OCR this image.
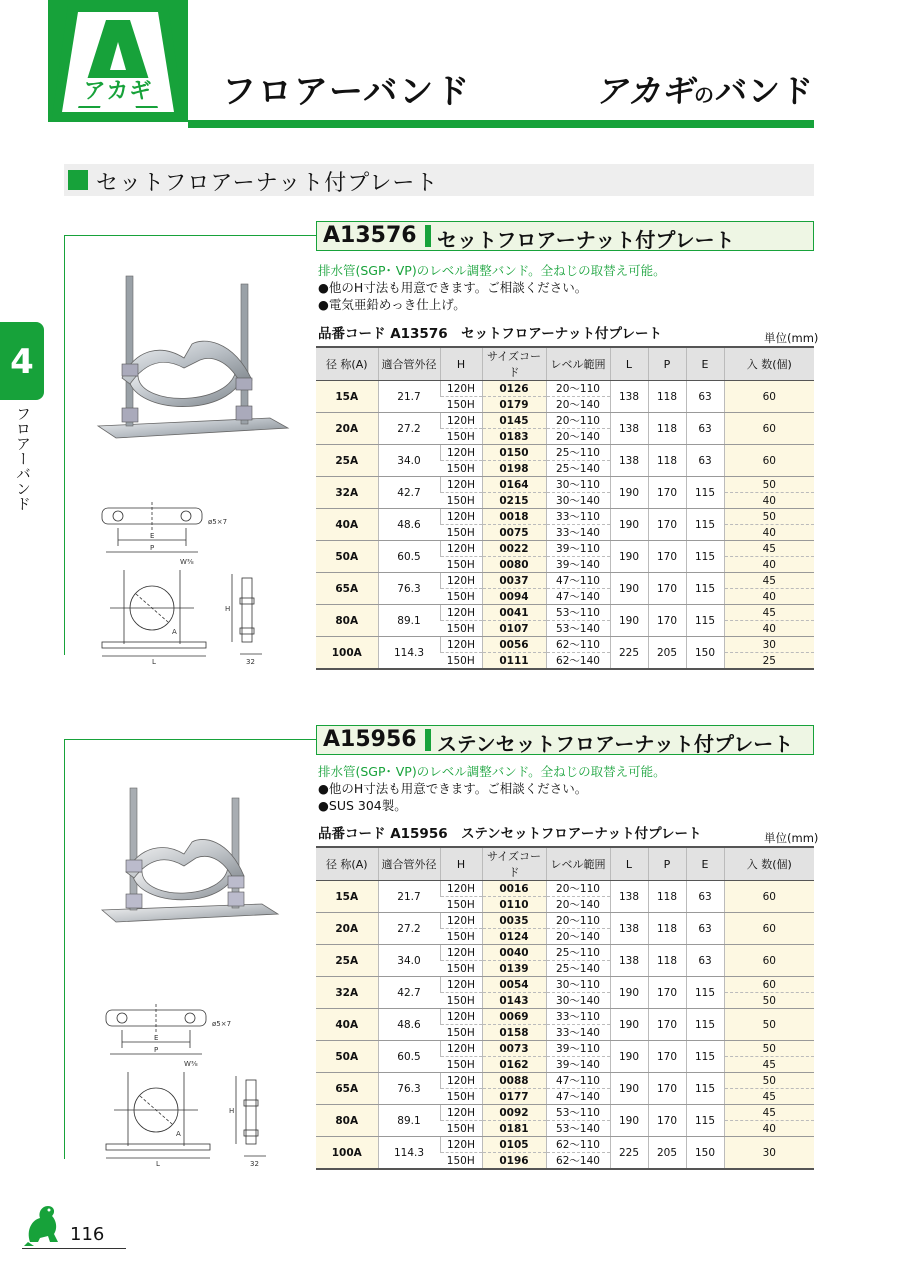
アカギ	フロアーバンド	アカギのバンド
セットフロアーナット付プレート
4
フロアーバンド
A13576 セットフロアーナット付プレート
排水管(SGP･ VP)のレベル調整バンド。全ねじの取替え可能。
●他のH寸法も用意できます。ご相談ください。
●電気亜鉛めっき仕上げ。
品番コード A13576　セットフロアーナット付プレート	単位(mm)
径 称(A)	適合管外径	H	サイズコード	レベル範囲	L	P	E	入 数(個)
15A	21.7	120H	0126	20～110	138	118	63	60
		150H	0179	20～140				
20A	27.2	120H	0145	20～110	138	118	63	60
		150H	0183	20～140				
25A	34.0	120H	0150	25～110	138	118	63	60
		150H	0198	25～140				
32A	42.7	120H	0164	30～110	190	170	115	50
		150H	0215	30～140				40
40A	48.6	120H	0018	33～110	190	170	115	50
		150H	0075	33～140				40
50A	60.5	120H	0022	39～110	190	170	115	45
		150H	0080	39～140				40
65A	76.3	120H	0037	47～110	190	170	115	45
		150H	0094	47～140				40
80A	89.1	120H	0041	53～110	190	170	115	45
		150H	0107	53～140				40
100A	114.3	120H	0056	62～110	225	205	150	30
		150H	0111	62～140				25
ø5×7
E
P
W⅜
A
H
L	32
A15956 ステンセットフロアーナット付プレート
排水管(SGP･ VP)のレベル調整バンド。全ねじの取替え可能。
●他のH寸法も用意できます。ご相談ください。
●SUS 304製。
品番コード A15956　ステンセットフロアーナット付プレート	単位(mm)
径 称(A)	適合管外径	H	サイズコード	レベル範囲	L	P	E	入 数(個)
15A	21.7	120H	0016	20～110	138	118	63	60
		150H	0110	20～140				
20A	27.2	120H	0035	20～110	138	118	63	60
		150H	0124	20～140				
25A	34.0	120H	0040	25～110	138	118	63	60
		150H	0139	25～140				
32A	42.7	120H	0054	30～110	190	170	115	60
		150H	0143	30～140				50
40A	48.6	120H	0069	33～110	190	170	115	50
		150H	0158	33～140				
50A	60.5	120H	0073	39～110	190	170	115	50
		150H	0162	39～140				45
65A	76.3	120H	0088	47～110	190	170	115	50
		150H	0177	47～140				45
80A	89.1	120H	0092	53～110	190	170	115	45
		150H	0181	53～140				40
100A	114.3	120H	0105	62～110	225	205	150	30
		150H	0196	62～140				
ø5×7
E
P
W⅜
A
H
L	32
116
